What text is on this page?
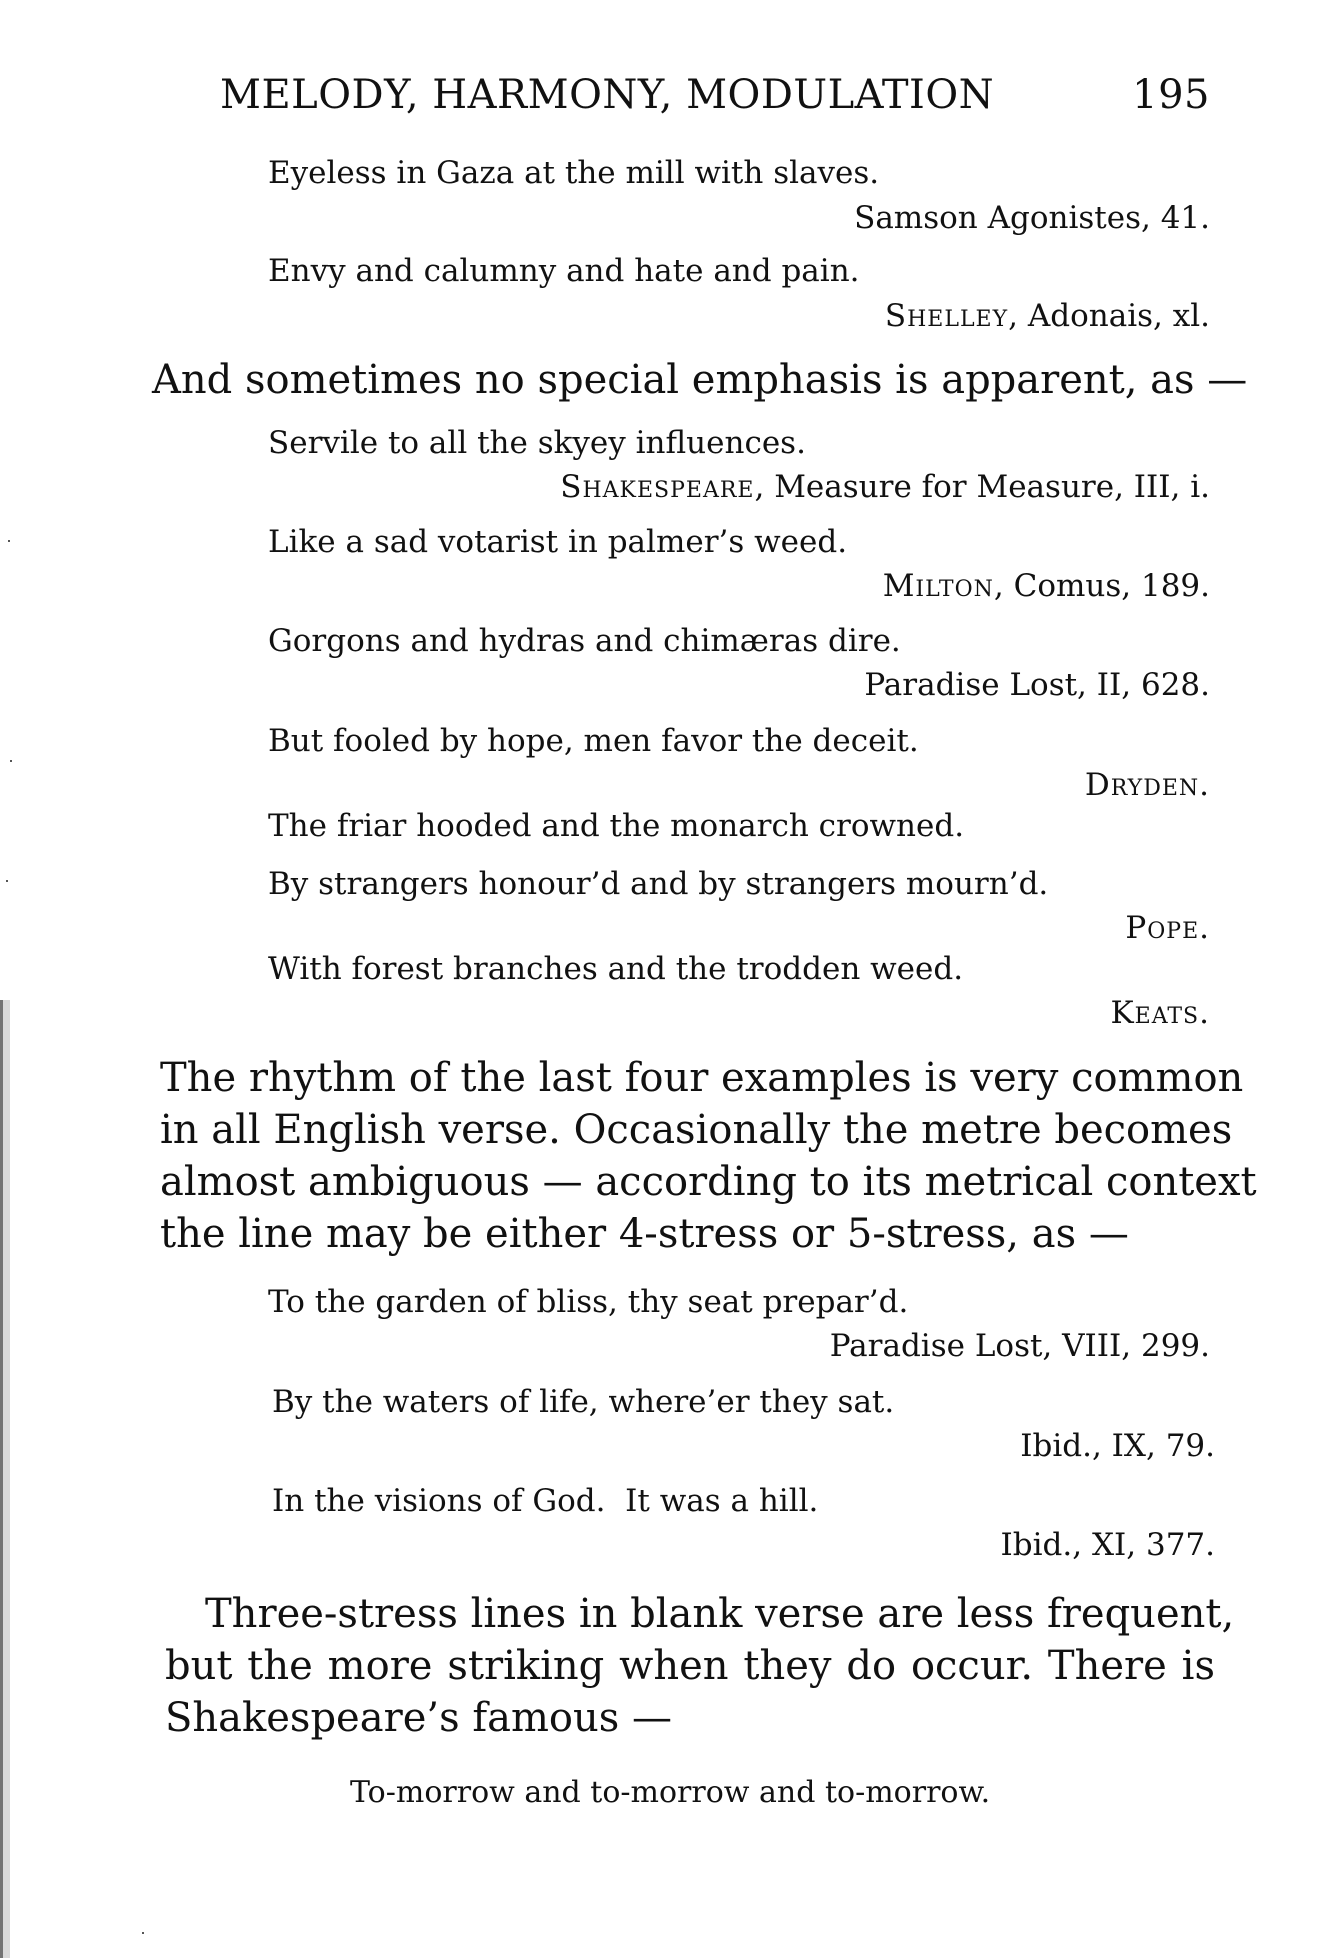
MELODY, HARMONY, MODULATION	195
Eyeless in Gaza at the mill with slaves.
Samson Agonistes, 41.
Envy and calumny and hate and pain.
Shelley, Adonais, xl.
And sometimes no special emphasis is apparent, as —
Servile to all the skyey influences.
Shakespeare, Measure for Measure, III, i.
Like a sad votarist in palmer’s weed.
Milton, Comus, 189.
Gorgons and hydras and chimæras dire.
Paradise Lost, II, 628.
But fooled by hope, men favor the deceit.
Dryden.
The friar hooded and the monarch crowned.
By strangers honour’d and by strangers mourn’d.
Pope.
With forest branches and the trodden weed.
Keats.
The rhythm of the last four examples is very common
in all English verse. Occasionally the metre becomes
almost ambiguous — according to its metrical context
the line may be either 4-stress or 5-stress, as —
To the garden of bliss, thy seat prepar’d.
Paradise Lost, VIII, 299.
By the waters of life, where’er they sat.
Ibid., IX, 79.
In the visions of God.  It was a hill.
Ibid., XI, 377.
Three-stress lines in blank verse are less frequent,
but the more striking when they do occur. There is
Shakespeare’s famous —
To-morrow and to-morrow and to-morrow.
